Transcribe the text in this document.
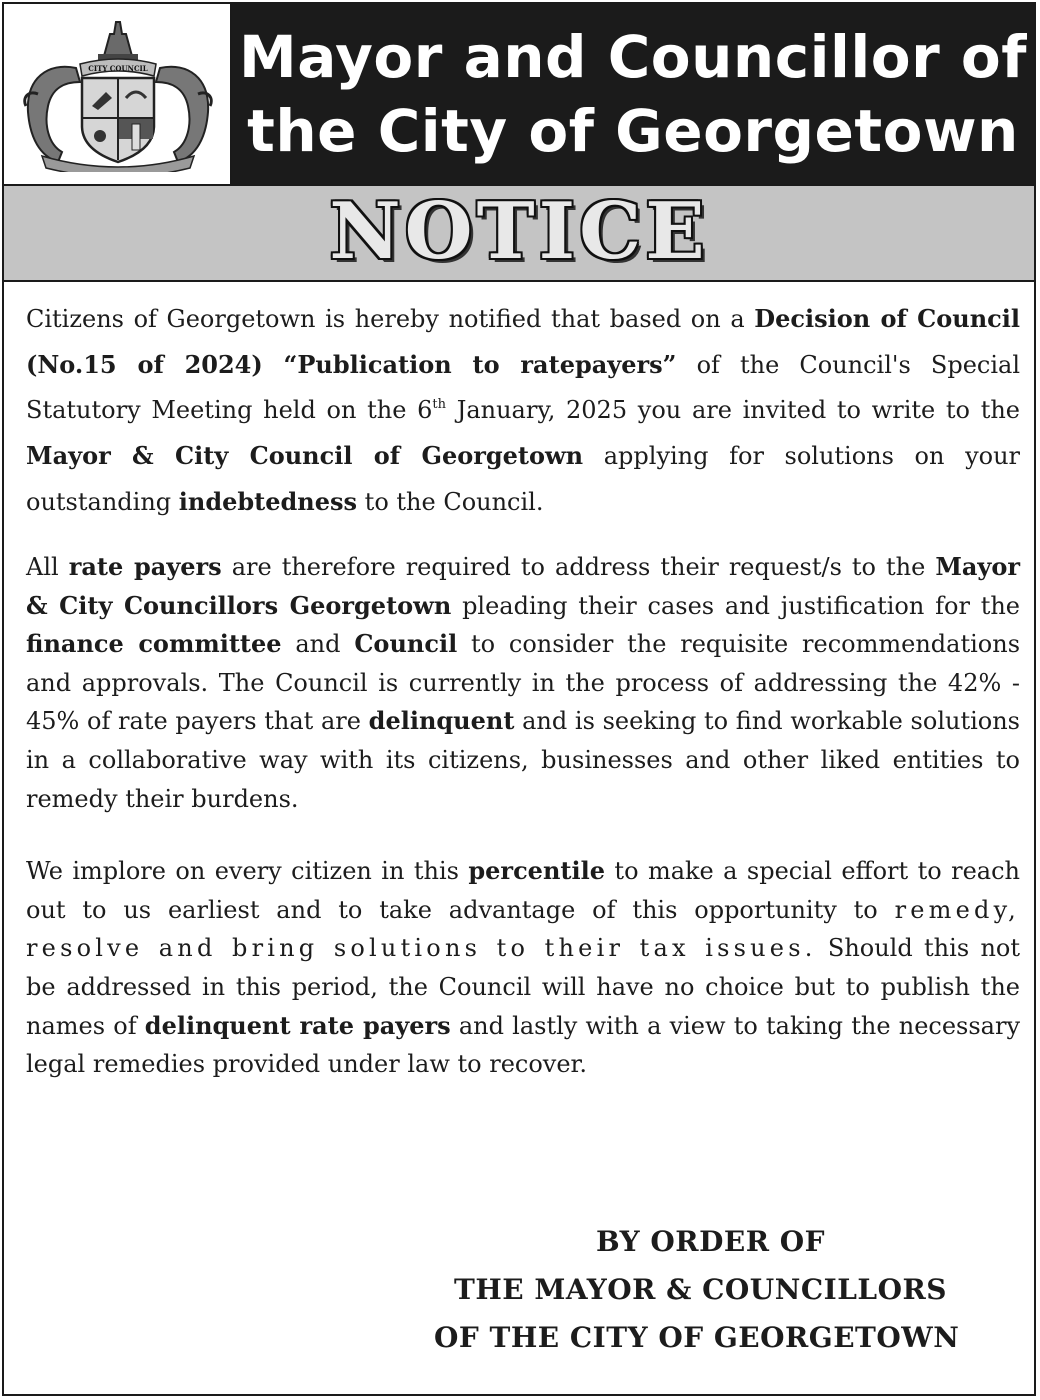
CITY COUNCIL Mayor and Councillor of
the City of Georgetown
NOTICE

Citizens of Georgetown is hereby notified that based on a Decision of Council (No.15 of 2024) “Publication to ratepayers” of the Council's Special Statutory Meeting held on the 6th January, 2025 you are invited to write to the Mayor & City Council of Georgetown applying for solutions on your outstanding indebtedness to the Council.

All rate payers are therefore required to address their request/s to the Mayor & City Councillors Georgetown pleading their cases and justification for the finance committee and Council to consider the requisite recommendations and approvals. The Council is currently in the process of addressing the 42% - 45% of rate payers that are delinquent and is seeking to find workable solutions in a collaborative way with its citizens, businesses and other liked entities to remedy their burdens.

We implore on every citizen in this percentile to make a special effort to reach out to us earliest and to take advantage of this opportunity to remedy, resolve and bring solutions to their tax issues. Should this not be addressed in this period, the Council will have no choice but to publish the names of delinquent rate payers and lastly with a view to taking the necessary legal remedies provided under law to recover.

BY ORDER OF
THE MAYOR & COUNCILLORS
OF THE CITY OF GEORGETOWN
